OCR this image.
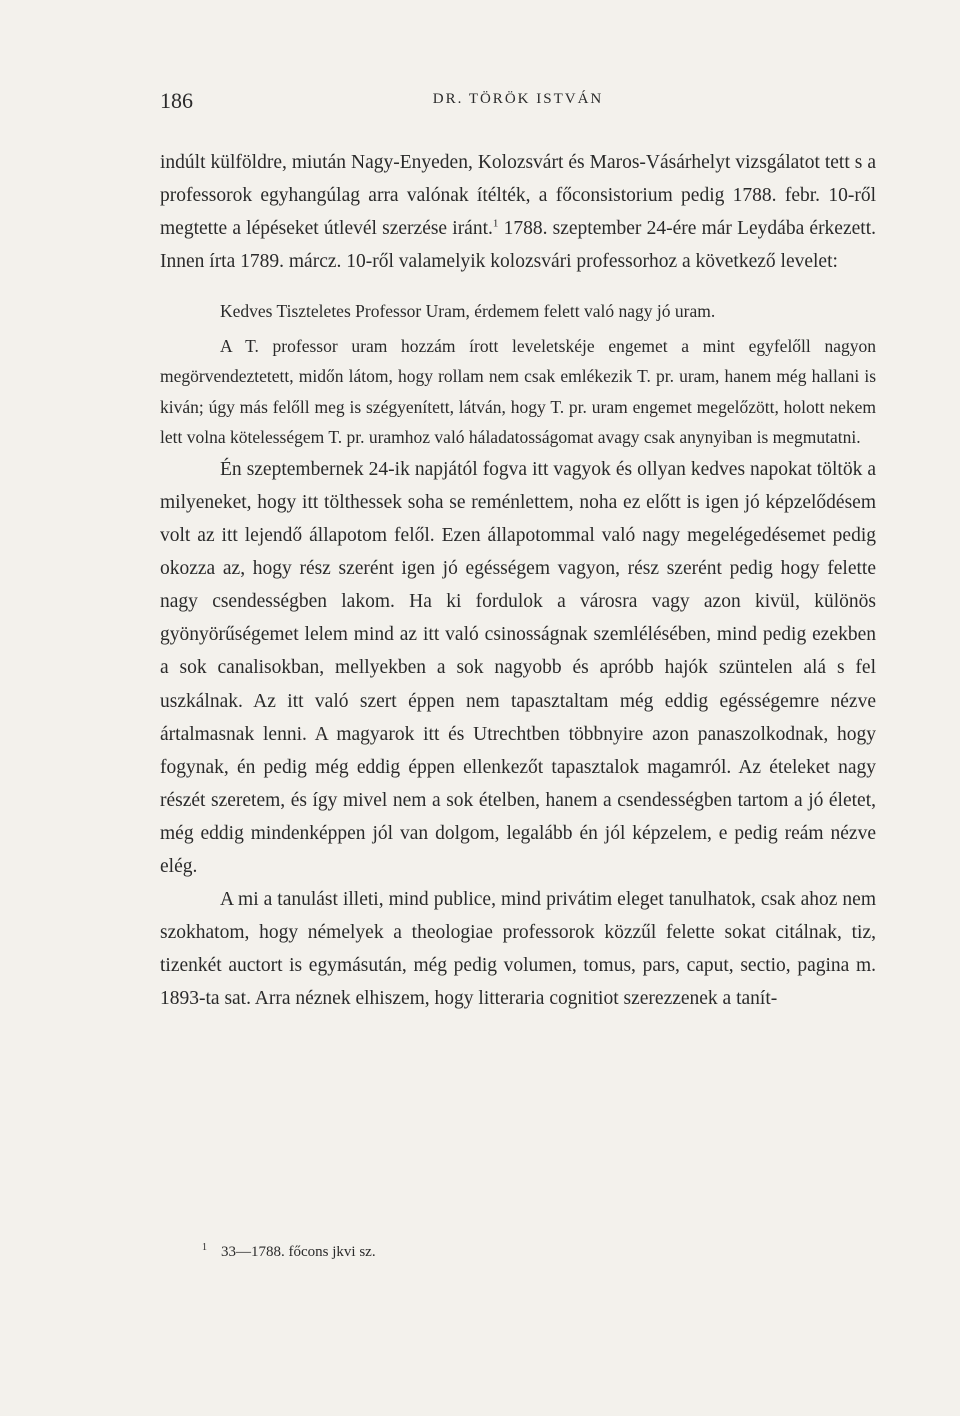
186	DR. TÖRÖK ISTVÁN

indúlt külföldre, miután Nagy-Enyeden, Kolozsvárt és Maros-Vásárhelyt vizsgálatot tett s a professorok egyhangúlag arra valónak ítélték, a főconsistorium pedig 1788. febr. 10-ről megtette a lépéseket útlevél szerzése iránt.$^1$ 1788. szeptember 24-ére már Leydába érkezett. Innen írta 1789. márcz. 10-ről valamelyik kolozsvári professorhoz a következő levelet:

Kedves Tiszteletes Professor Uram, érdemem felett való nagy jó uram.

A T. professor uram hozzám írott leveletskéje engemet a mint egyfelőll nagyon megörvendeztetett, midőn látom, hogy rollam nem csak emlékezik T. pr. uram, hanem még hallani is kiván; úgy más felőll meg is szégyenített, látván, hogy T. pr. uram engemet megelőzött, holott nekem lett volna kötelességem T. pr. uramhoz való háladatosságomat avagy csak anynyiban is megmutatni.

Én szeptembernek 24-ik napjától fogva itt vagyok és ollyan kedves napokat töltök a milyeneket, hogy itt tölthessek soha se reménlettem, noha ez előtt is igen jó képzelődésem volt az itt lejendő állapotom felől. Ezen állapotommal való nagy megelégedésemet pedig okozza az, hogy rész szerént igen jó egésségem vagyon, rész szerént pedig hogy felette nagy csendességben lakom. Ha ki fordulok a városra vagy azon kivül, különös gyönyörűségemet lelem mind az itt való csinosságnak szemlélésében, mind pedig ezekben a sok canalisokban, mellyekben a sok nagyobb és apróbb hajók szüntelen alá s fel uszkálnak. Az itt való szert éppen nem tapasztaltam még eddig egésségemre nézve ártalmasnak lenni. A magyarok itt és Utrechtben többnyire azon panaszolkodnak, hogy fogynak, én pedig még eddig éppen ellenkezőt tapasztalok magamról. Az ételeket nagy részét szeretem, és így mivel nem a sok ételben, hanem a csendességben tartom a jó életet, még eddig mindenképpen jól van dolgom, legalább én jól képzelem, e pedig reám nézve elég.

A mi a tanulást illeti, mind publice, mind privátim eleget tanulhatok, csak ahoz nem szokhatom, hogy némelyek a theologiae professorok közzűl felette sokat citálnak, tiz, tizenkét auctort is egymásután, még pedig volumen, tomus, pars, caput, sectio, pagina m. 1893-ta sat. Arra néznek elhiszem, hogy litteraria cognitiot szerezzenek a tanít-

$^1$ 33—1788. főcons jkvi sz.
